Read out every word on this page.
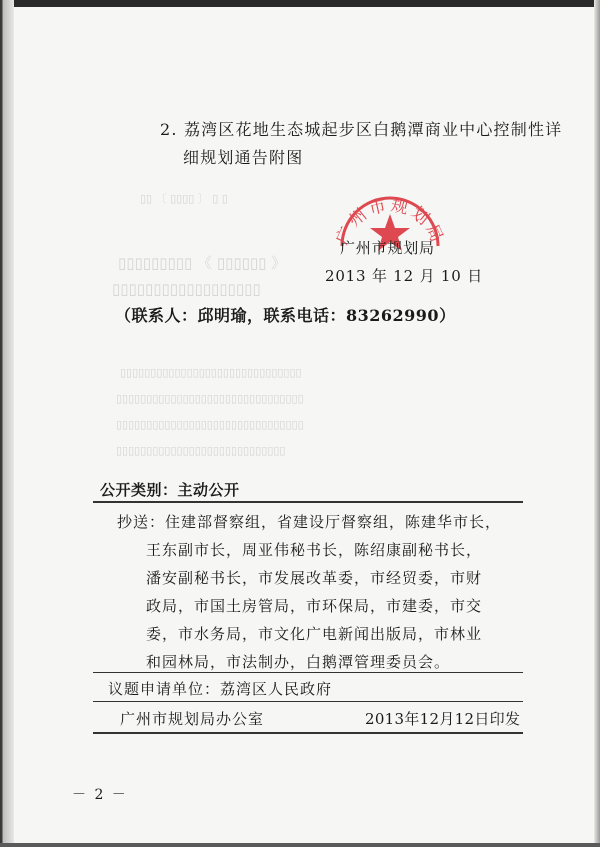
▯▯ 〔 ▯▯▯▯ 〕 ▯ ▯
▯▯▯▯▯▯▯▯▯ 《 ▯▯▯▯▯▯ 》
▯▯▯▯▯▯▯▯▯▯▯▯▯▯▯▯▯▯
▯▯▯▯▯▯▯▯▯▯▯▯▯▯▯▯▯▯▯▯▯▯▯▯▯▯▯▯▯▯
▯▯▯▯▯▯▯▯▯▯▯▯▯▯▯▯▯▯▯▯▯▯▯▯▯▯▯▯▯▯▯
▯▯▯▯▯▯▯▯▯▯▯▯▯▯▯▯▯▯▯▯▯▯▯▯▯▯▯▯▯▯▯
▯▯▯▯▯▯▯▯▯▯▯▯▯▯▯▯▯▯▯▯▯▯▯▯▯▯▯▯
2. 荔湾区花地生态城起步区白鹅潭商业中心控制性详
细规划通告附图
广州市规划局
广州市规划局
2013 年 12 月 10 日
（联系人：邱明瑜，联系电话：83262990）
公开类别：主动公开
抄送：住建部督察组，省建设厅督察组，陈建华市长，
王东副市长，周亚伟秘书长，陈绍康副秘书长，
潘安副秘书长，市发展改革委，市经贸委，市财
政局，市国土房管局，市环保局，市建委，市交
委，市水务局，市文化广电新闻出版局，市林业
和园林局，市法制办，白鹅潭管理委员会。
议题申请单位：荔湾区人民政府
广州市规划局办公室	2013年12月12日印发
－ 2 －
